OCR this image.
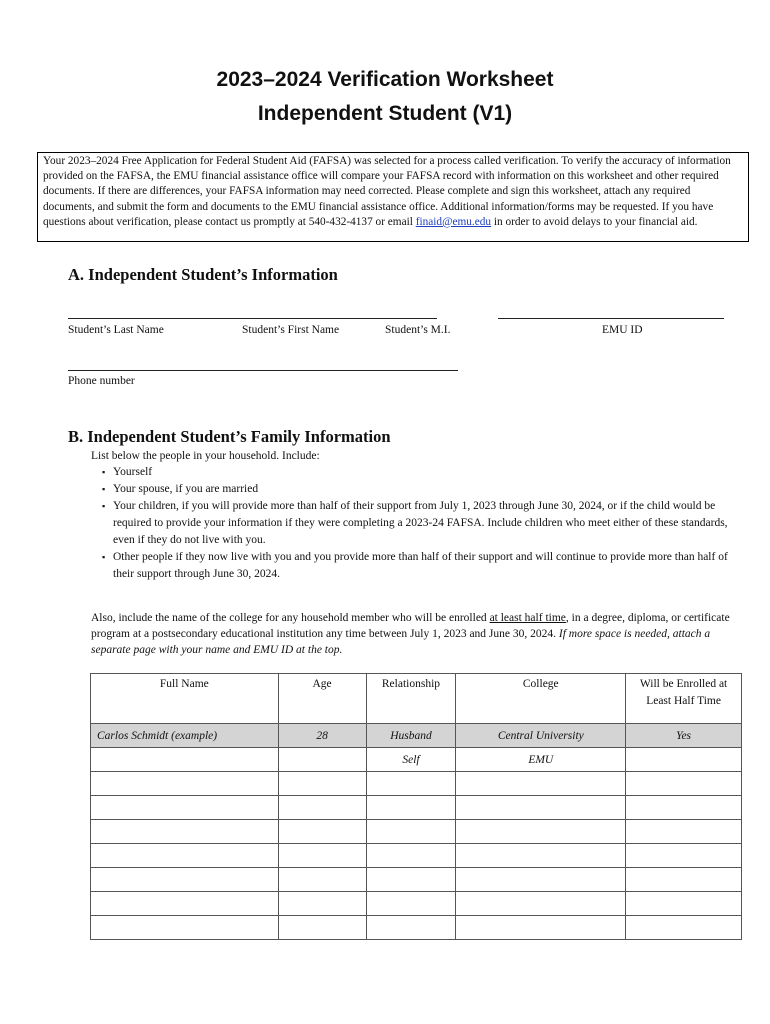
2023–2024 Verification Worksheet
Independent Student (V1)
Your 2023–2024 Free Application for Federal Student Aid (FAFSA) was selected for a process called verification. To verify the accuracy of information provided on the FAFSA, the EMU financial assistance office will compare your FAFSA record with information on this worksheet and other required documents. If there are differences, your FAFSA information may need corrected. Please complete and sign this worksheet, attach any required documents, and submit the form and documents to the EMU financial assistance office. Additional information/forms may be requested. If you have questions about verification, please contact us promptly at 540-432-4137 or email finaid@emu.edu in order to avoid delays to your financial aid.
A. Independent Student’s Information
Student’s Last Name	Student’s First Name	Student’s M.I.	EMU ID
Phone number
B. Independent Student’s Family Information
List below the people in your household. Include:
▪ Yourself
▪ Your spouse, if you are married
▪ Your children, if you will provide more than half of their support from July 1, 2023 through June 30, 2024, or if the child would be required to provide your information if they were completing a 2023-24 FAFSA. Include children who meet either of these standards, even if they do not live with you.
▪ Other people if they now live with you and you provide more than half of their support and will continue to provide more than half of their support through June 30, 2024.
Also, include the name of the college for any household member who will be enrolled at least half time, in a degree, diploma, or certificate program at a postsecondary educational institution any time between July 1, 2023 and June 30, 2024. If more space is needed, attach a separate page with your name and EMU ID at the top.
Full Name	Age	Relationship	College	Will be Enrolled at Least Half Time
Carlos Schmidt (example)	28	Husband	Central University	Yes
		Self	EMU	
